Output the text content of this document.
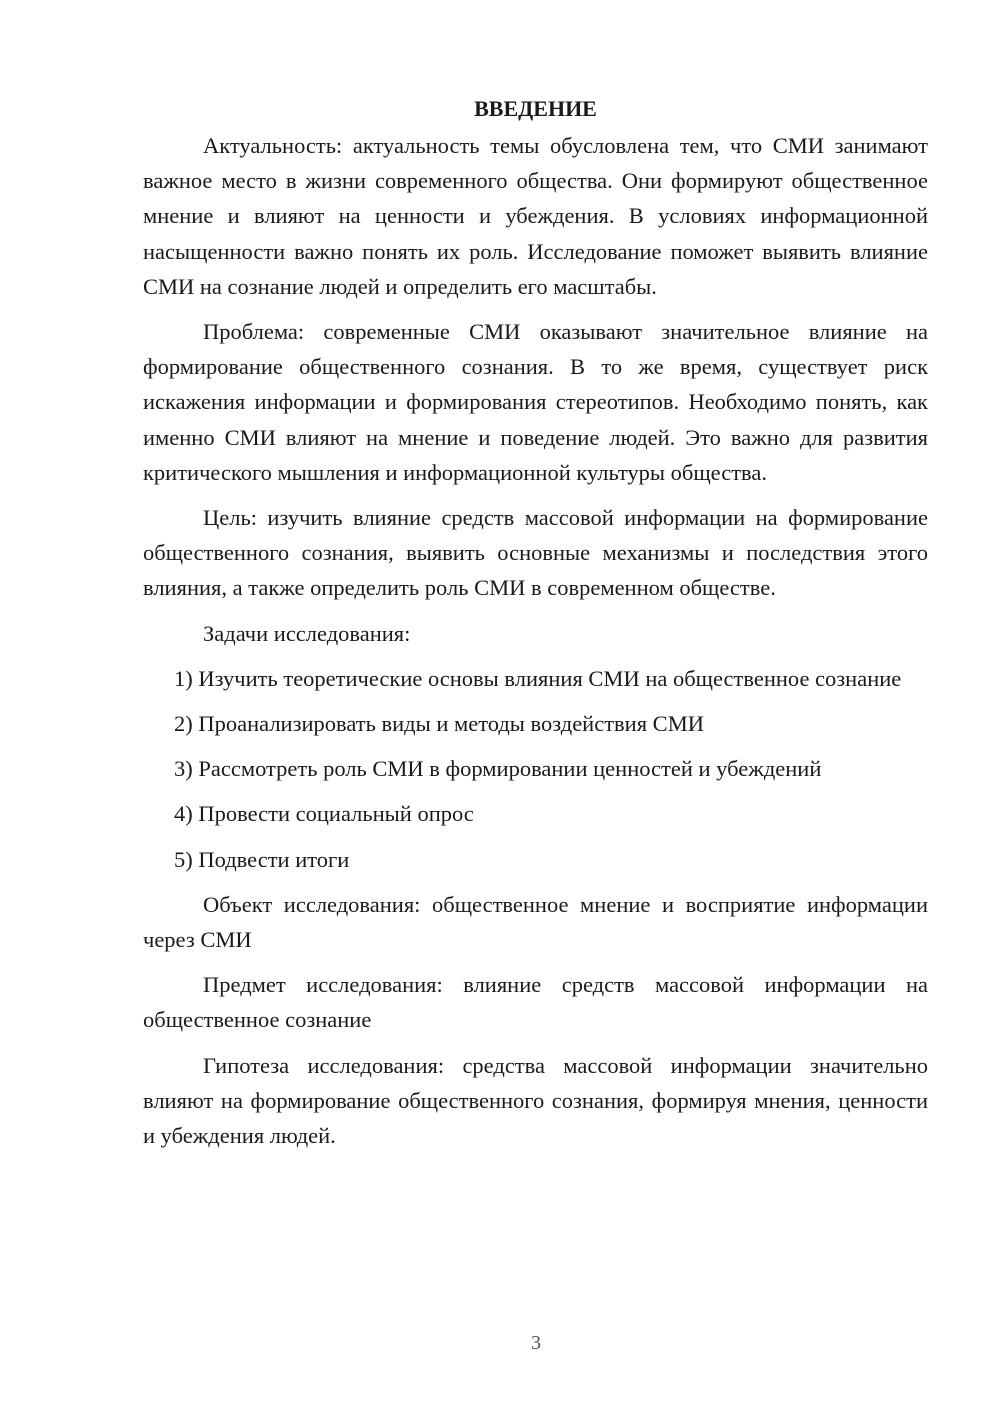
ВВЕДЕНИЕ

Актуальность: актуальность темы обусловлена тем, что СМИ занимают важное место в жизни современного общества. Они формируют общественное мнение и влияют на ценности и убеждения. В условиях информационной насыщенности важно понять их роль. Исследование поможет выявить влияние СМИ на сознание людей и определить его масштабы.

Проблема: современные СМИ оказывают значительное влияние на формирование общественного сознания. В то же время, существует риск искажения информации и формирования стереотипов. Необходимо понять, как именно СМИ влияют на мнение и поведение людей. Это важно для развития критического мышления и информационной культуры общества.

Цель: изучить влияние средств массовой информации на формирование общественного сознания, выявить основные механизмы и последствия этого влияния, а также определить роль СМИ в современном обществе.

Задачи исследования:

1) Изучить теоретические основы влияния СМИ на общественное сознание

2) Проанализировать виды и методы воздействия СМИ

3) Рассмотреть роль СМИ в формировании ценностей и убеждений

4) Провести социальный опрос

5) Подвести итоги

Объект исследования: общественное мнение и восприятие информации через СМИ

Предмет исследования: влияние средств массовой информации на общественное сознание

Гипотеза исследования: средства массовой информации значительно влияют на формирование общественного сознания, формируя мнения, ценности и убеждения людей.

3
